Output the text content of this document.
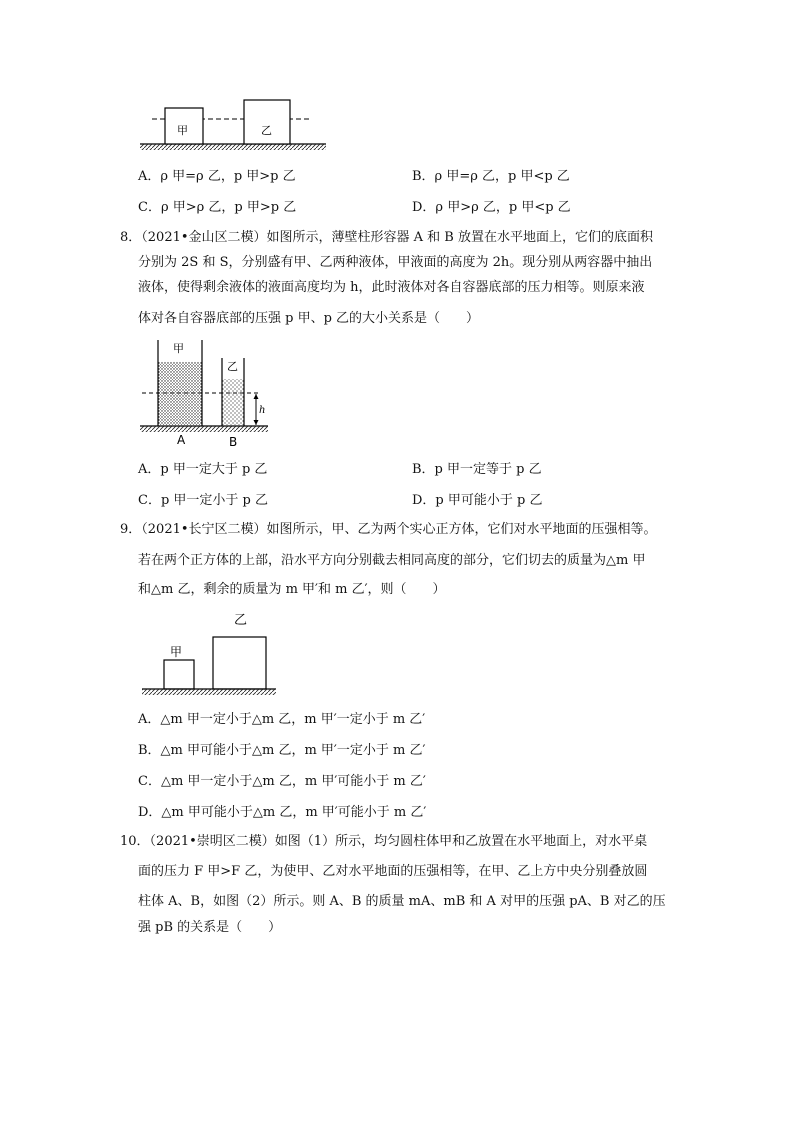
甲	乙
A．ρ 甲=ρ 乙，p 甲>p 乙	B．ρ 甲=ρ 乙，p 甲<p 乙
C．ρ 甲>ρ 乙，p 甲>p 乙	D．ρ 甲>ρ 乙，p 甲<p 乙
8．（2021•金山区二模）如图所示，薄壁柱形容器 A 和 B 放置在水平地面上，它们的底面积
分别为 2S 和 S，分别盛有甲、乙两种液体，甲液面的高度为 2h。现分别从两容器中抽出
液体，使得剩余液体的液面高度均为 h，此时液体对各自容器底部的压力相等。则原来液
体对各自容器底部的压强 p 甲、p 乙的大小关系是（　　）
甲
乙
h
A	B
A．p 甲一定大于 p 乙	B．p 甲一定等于 p 乙
C．p 甲一定小于 p 乙	D．p 甲可能小于 p 乙
9．（2021•长宁区二模）如图所示，甲、乙为两个实心正方体，它们对水平地面的压强相等。
若在两个正方体的上部，沿水平方向分别截去相同高度的部分，它们切去的质量为△m 甲
和△m 乙，剩余的质量为 m 甲′和 m 乙′，则（　　）
乙
甲
A．△m 甲一定小于△m 乙，m 甲′一定小于 m 乙′
B．△m 甲可能小于△m 乙，m 甲′一定小于 m 乙′
C．△m 甲一定小于△m 乙，m 甲′可能小于 m 乙′
D．△m 甲可能小于△m 乙，m 甲′可能小于 m 乙′
10．（2021•崇明区二模）如图（1）所示，均匀圆柱体甲和乙放置在水平地面上，对水平桌
面的压力 F 甲>F 乙，为使甲、乙对水平地面的压强相等，在甲、乙上方中央分别叠放圆
柱体 A、B，如图（2）所示。则 A、B 的质量 mA、mB 和 A 对甲的压强 pA、B 对乙的压
强 pB 的关系是（　　）
